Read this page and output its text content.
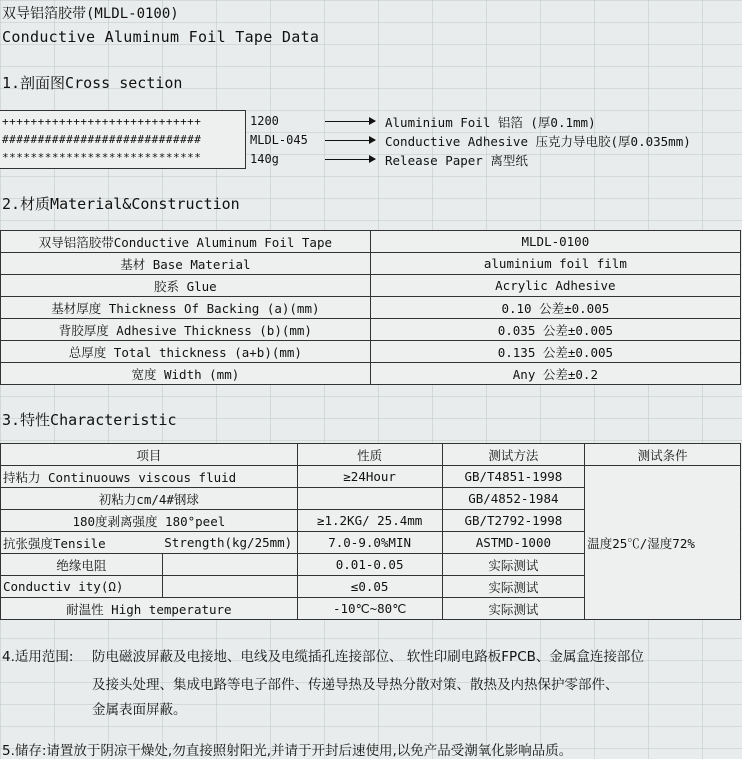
双导铝箔胶带(MLDL-0100)
Conductive Aluminum Foil Tape Data
1.剖面图Cross section
++++++++++++++++++++++++++++
############################
****************************
1200
MLDL-045
140g
Aluminium Foil 铝箔 (厚0.1mm)
Conductive Adhesive 压克力导电胶(厚0.035mm)
Release Paper 离型纸
2.材质Material&Construction
双导铝箔胶带Conductive Aluminum Foil Tape	MLDL-0100
基材 Base Material	aluminium foil film
胶系 Glue	Acrylic Adhesive
基材厚度 Thickness Of Backing (a)(mm)	0.10 公差±0.005
背胶厚度 Adhesive Thickness (b)(mm)	0.035 公差±0.005
总厚度 Total thickness (a+b)(mm)	0.135 公差±0.005
宽度 Width (mm)	Any 公差±0.2
3.特性Characteristic
项目		性质	测试方法	测试条件
持粘力 Continuouws viscous fluid		≥24Hour	GB/T4851-1998	温度25℃/湿度72%
初粘力cm/4#钢球			GB/4852-1984	
180度剥离强度 180°peel		≥1.2KG/ 25.4mm	GB/T2792-1998	
抗张强度Tensile	Strength(kg/25mm)	7.0-9.0%MIN	ASTMD-1000	
绝缘电阻		0.01-0.05	实际测试	
Conductiv ity(Ω)		≤0.05	实际测试	
耐温性 High temperature		-10℃~80℃	实际测试	
4.适用范围: 防电磁波屏蔽及电接地、电线及电缆插孔连接部位、 软性印刷电路板FPCB、金属盒连接部位
及接头处理、集成电路等电子部件、传递导热及导热分散对策、散热及内热保护零部件、
金属表面屏蔽。
5.储存:请置放于阴凉干燥处,勿直接照射阳光,并请于开封后速使用,以免产品受潮氧化影响品质。
